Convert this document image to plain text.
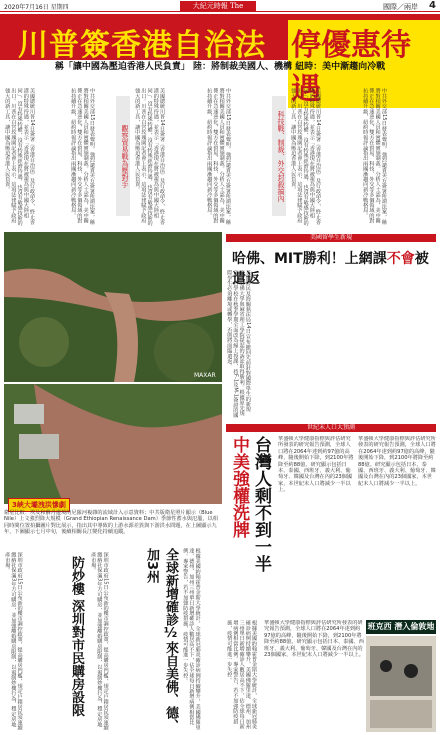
2020年7月16日 星期四	大紀元時報 The	國際／兩岸 4
川普簽香港自治法 停優惠待遇
稱「讓中國為壓迫香港人民負責」 陸：將制裁美國人、機構 紐時：美中漸趨向冷戰
美國總統川普14日簽署《香港自治法》及行政命令，終止香港的特殊待遇，並表示「香港現在將被視為與中國大陸相同」，沒有特殊特權，沒有特殊經濟待遇，也沒有敏感技術的出口。川普在白宮玫瑰園記者會上表示，這項法律賦予政府強大的新工具，讓中國為壓迫香港人民負責。	中共外交部15日發表聲明，強烈譴責美方簽署所謂法案，稱將對相關美國人員和實體實施制裁。分析人士認為，美中關係正在急速惡化，雙方在貿易、科技、外交等多個領域的對抗持續升級，紐約時報評論指出兩國漸趨向新冷戰格局。	觀察貿易戰為壓對手	美國總統川普14日簽署《香港自治法》及行政命令，終止香港的特殊待遇，並表示「香港現在將被視為與中國大陸相同」，沒有特殊特權，沒有特殊經濟待遇，也沒有敏感技術的出口。川普在白宮玫瑰園記者會上表示，這項法律賦予政府強大的新工具，讓中國為壓迫香港人民負責。	中共外交部15日發表聲明，強烈譴責美方簽署所謂法案，稱將對相關美國人員和實體實施制裁。分析人士認為，美中關係正在急速惡化，雙方在貿易、科技、外交等多個領域的對抗持續升級，紐約時報評論指出兩國漸趨向新冷戰格局。	科技戰、制裁、外交封殺搞內	美國總統川普14日簽署《香港自治法》及行政命令，終止香港的特殊待遇，並表示「香港現在將被視為與中國大陸相同」，沒有特殊特權，沒有特殊經濟待遇，也沒有敏感技術的出口。川普在白宮玫瑰園記者會上表示，這項法律賦予政府強大的新工具，讓中國為壓迫香港人民負責。	中共外交部15日發表聲明，強烈譴責美方簽署所謂法案，稱將對相關美國人員和實體實施制裁。分析人士認為，美中關係正在急速惡化，雙方在貿易、科技、外交等多個領域的對抗持續升級，紐約時報評論指出兩國漸趨向新冷戰格局。
MAXAR
3峽大壩洩洪慘劇
衛星比較：埃及和蘇丹邊境的尼羅河複雜的流域計入示意資料；中共版衛星照片顯示（Blue Nile）上文強烈降大規模（Grand Ethiopian Renaissance Dam）季節性蓄水與氾濫，以相同時間位置拍攝圖片對比展示，指出其中導致的上游水源差異與下游洪水問題，在上圖顯示九年，下圖顯示七月中旬，後續相關長江變化持續追蹤。
美國留學生新規
哈佛、MIT勝利！上網課不會被遣返
美國移民及海關執法局14日宣布撤回先前針對國際學生的新規定，哈佛大學與麻省理工學院提起的訴訟取得勝利。根據原先規定，若學校在秋季學期全面改為線上授課，持F-1及M-1簽證的國際學生必須離境或轉學，否則將面臨遣返。
世紀末人口大預測
中美強權洗牌 台灣人剩不到一半	華盛頓大學健康指標與評估研究所發表的研究報告預測，全球人口將在2064年達到約97億的高峰，隨後開始下降，到2100年將降至約88億。研究顯示包括日本、泰國、西班牙、義大利、葡萄牙、韓國及台灣在內的23個國家，本世紀末人口將減少一半以上。
華盛頓大學健康指標與評估研究所發表的研究報告預測，全球人口將在2064年達到約97億的高峰，隨後開始下降，到2100年將降至約88億。研究顯示包括日本、泰國、西班牙、義大利、葡萄牙、韓國及台灣在內的23個國家，本世紀末人口將減少一半以上。
深圳市政府15日公布新的樓市調控政策，提高購房門檻，規定戶籍居民須連續繳納社保滿3年方可購房，並加強離婚購房限制，以遏制炒樓行為，穩定房地產市場。	防炒樓 深圳對市民購房設限	深圳市政府15日公布新的樓市調控政策，提高購房門檻，規定戶籍居民須連續繳納社保滿3年方可購房，並加強離婚購房限制，以遏制炒樓行為，穩定房地產市場。	全球新增確診½來自美佛、德、加3州	根據美國約翰霍普金斯大學統計，全球新冠肺炎確診病例持續攀升，美國佛羅里達、德州、加州三州單日新增確診人數居高不下，佔全球每日新增病例相當比例。專家警告，若不加強防疫措施，疫情可能進一步失控。	根據美國約翰霍普金斯大學統計，全球新冠肺炎確診病例持續攀升，美國佛羅里達、德州、加州三州單日新增確診人數居高不下，佔全球每日新增病例相當比例。專家警告，若不加強防疫措施，疫情可能進一步失控。	華盛頓大學健康指標與評估研究所發表的研究報告預測，全球人口將在2064年達到約97億的高峰，隨後開始下降，到2100年將降至約88億。研究顯示包括日本、泰國、西班牙、義大利、葡萄牙、韓國及台灣在內的23個國家，本世紀末人口將減少一半以上。
班克西 潛入倫敦地
